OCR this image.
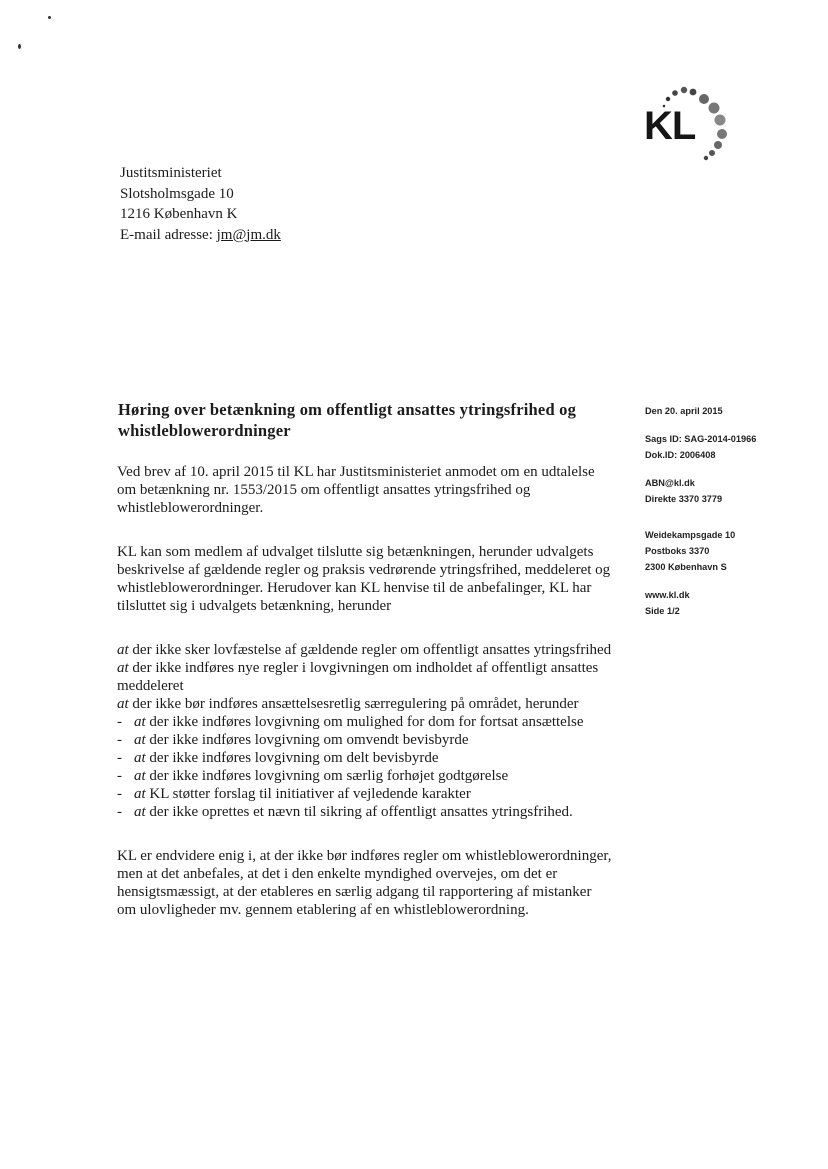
KL
Justitsministeriet
Slotsholmsgade 10
1216 København K
E-mail adresse: jm@jm.dk
Høring over betænkning om offentligt ansattes ytringsfrihed og whistleblowerordninger

Ved brev af 10. april 2015 til KL har Justitsministeriet anmodet om en udtalelse om betænkning nr. 1553/2015 om offentligt ansattes ytringsfrihed og whistleblowerordninger.

KL kan som medlem af udvalget tilslutte sig betænkningen, herunder udvalgets beskrivelse af gældende regler og praksis vedrørende ytringsfrihed, meddeleret og whistleblowerordninger. Herudover kan KL henvise til de anbefalinger, KL har tilsluttet sig i udvalgets betænkning, herunder

at der ikke sker lovfæstelse af gældende regler om offentligt ansattes ytringsfrihed
at der ikke indføres nye regler i lovgivningen om indholdet af offentligt ansattes meddeleret
at der ikke bør indføres ansættelsesretlig særregulering på området, herunder
- at der ikke indføres lovgivning om mulighed for dom for fortsat ansættelse
- at der ikke indføres lovgivning om omvendt bevisbyrde
- at der ikke indføres lovgivning om delt bevisbyrde
- at der ikke indføres lovgivning om særlig forhøjet godtgørelse
- at KL støtter forslag til initiativer af vejledende karakter
- at der ikke oprettes et nævn til sikring af offentligt ansattes ytringsfrihed.

KL er endvidere enig i, at der ikke bør indføres regler om whistleblowerordninger, men at det anbefales, at det i den enkelte myndighed overvejes, om det er hensigtsmæssigt, at der etableres en særlig adgang til rapportering af mistanker om ulovligheder mv. gennem etablering af en whistleblowerordning.

Den 20. april 2015
Sags ID: SAG-2014-01966
Dok.ID: 2006408
ABN@kl.dk
Direkte 3370 3779
Weidekampsgade 10
Postboks 3370
2300 København S
www.kl.dk
Side 1/2
